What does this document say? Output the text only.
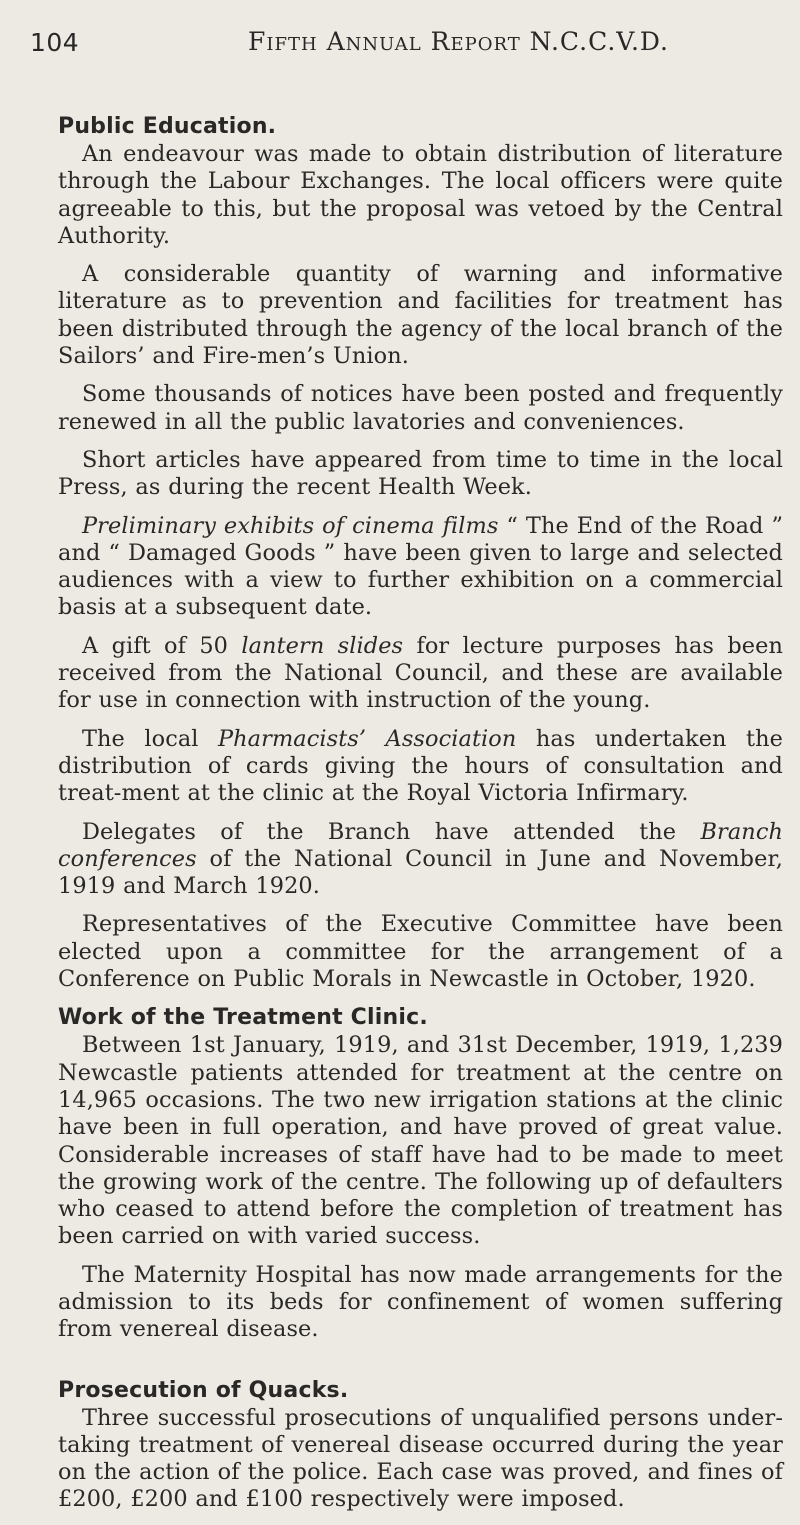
104	Fifth Annual Report N.C.C.V.D.
Public Education.

An endeavour was made to obtain distribution of literature through the Labour Exchanges. The local officers were quite agreeable to this, but the proposal was vetoed by the Central Authority.

A considerable quantity of warning and informative literature as to prevention and facilities for treatment has been distributed through the agency of the local branch of the Sailors’ and Fire-men’s Union.

Some thousands of notices have been posted and frequently renewed in all the public lavatories and conveniences.

Short articles have appeared from time to time in the local Press, as during the recent Health Week.

Preliminary exhibits of cinema films “ The End of the Road ” and “ Damaged Goods ” have been given to large and selected audiences with a view to further exhibition on a commercial basis at a subsequent date.

A gift of 50 lantern slides for lecture purposes has been received from the National Council, and these are available for use in connection with instruction of the young.

The local Pharmacists’ Association has undertaken the distribution of cards giving the hours of consultation and treat-ment at the clinic at the Royal Victoria Infirmary.

Delegates of the Branch have attended the Branch conferences of the National Council in June and November, 1919 and March 1920.

Representatives of the Executive Committee have been elected upon a committee for the arrangement of a Conference on Public Morals in Newcastle in October, 1920.

Work of the Treatment Clinic.

Between 1st January, 1919, and 31st December, 1919, 1,239 Newcastle patients attended for treatment at the centre on 14,965 occasions. The two new irrigation stations at the clinic have been in full operation, and have proved of great value. Considerable increases of staff have had to be made to meet the growing work of the centre. The following up of defaulters who ceased to attend before the completion of treatment has been carried on with varied success.

The Maternity Hospital has now made arrangements for the admission to its beds for confinement of women suffering from venereal disease.

Prosecution of Quacks.

Three successful prosecutions of unqualified persons under-taking treatment of venereal disease occurred during the year on the action of the police. Each case was proved, and fines of £200, £200 and £100 respectively were imposed.
